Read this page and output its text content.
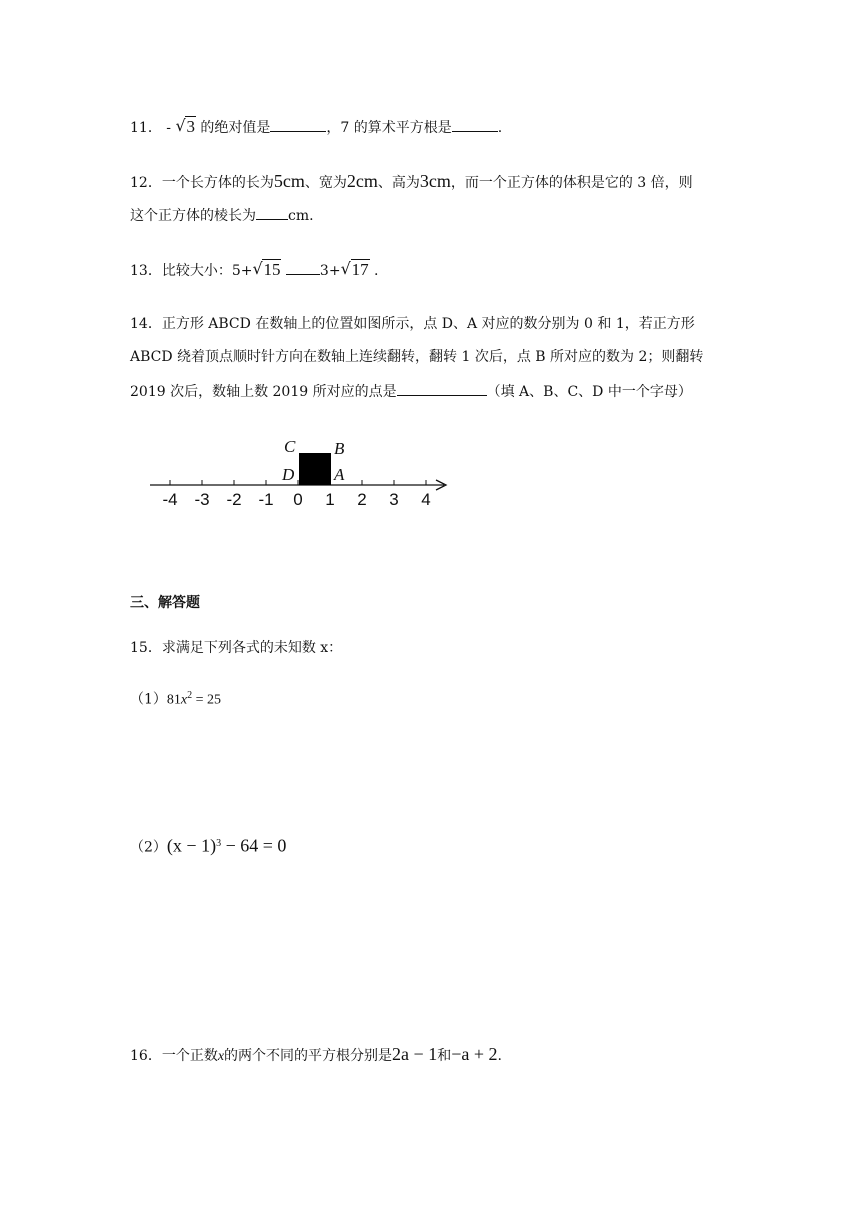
11． - √ 3 的绝对值是	，7 的算术平方根是	.
12．一个长方体的长为5cm、宽为2cm、高为3cm，而一个正方体的体积是它的 3 倍，则
这个正方体的棱长为 cm.
13．比较大小：5+ √ 15	3+ √ 17 .
14．正方形 ABCD 在数轴上的位置如图所示，点 D、A 对应的数分别为 0 和 1，若正方形
ABCD 绕着顶点顺时针方向在数轴上连续翻转，翻转 1 次后，点 B 所对应的数为 2；则翻转
2019 次后，数轴上数 2019 所对应的点是	（填 A、B、C、D 中一个字母）
-4 -3 -2 -1 0 1 2 3 4
C B
D A
三、解答题
15．求满足下列各式的未知数 x：
$(1)81x^2 = 25$
$(2)(x - 1)^3 - 64 = 0$
16．一个正数x的两个不同的平方根分别是2a − 1和−a + 2.
